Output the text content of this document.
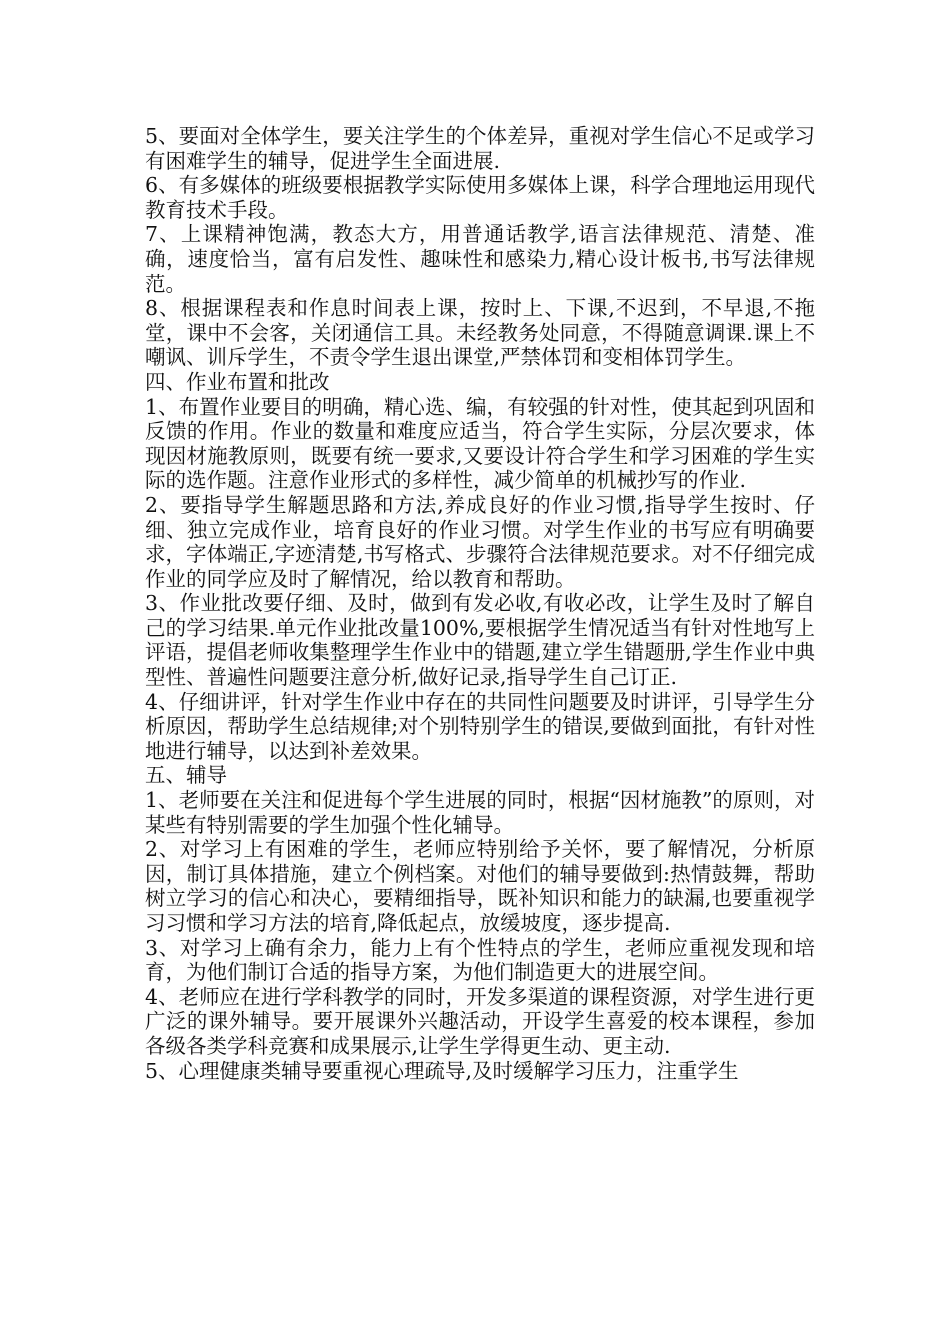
5、要面对全体学生，要关注学生的个体差异，重视对学生信心不足或学习有困难学生的辅导，促进学生全面进展.

6、有多媒体的班级要根据教学实际使用多媒体上课，科学合理地运用现代教育技术手段。

7、上课精神饱满，教态大方，用普通话教学,语言法律规范、清楚、准确，速度恰当，富有启发性、趣味性和感染力,精心设计板书,书写法律规范。

8、根据课程表和作息时间表上课，按时上、下课,不迟到，不早退,不拖堂，课中不会客，关闭通信工具。未经教务处同意，不得随意调课.课上不嘲讽、训斥学生，不责令学生退出课堂,严禁体罚和变相体罚学生。

四、作业布置和批改

1、布置作业要目的明确，精心选、编，有较强的针对性，使其起到巩固和反馈的作用。作业的数量和难度应适当，符合学生实际，分层次要求，体现因材施教原则，既要有统一要求,又要设计符合学生和学习困难的学生实际的选作题。注意作业形式的多样性，减少简单的机械抄写的作业.

2、要指导学生解题思路和方法,养成良好的作业习惯,指导学生按时、仔细、独立完成作业，培育良好的作业习惯。对学生作业的书写应有明确要求，字体端正,字迹清楚,书写格式、步骤符合法律规范要求。对不仔细完成作业的同学应及时了解情况，给以教育和帮助。

3、作业批改要仔细、及时，做到有发必收,有收必改，让学生及时了解自己的学习结果.单元作业批改量100%,要根据学生情况适当有针对性地写上评语，提倡老师收集整理学生作业中的错题,建立学生错题册,学生作业中典型性、普遍性问题要注意分析,做好记录,指导学生自己订正.

4、仔细讲评，针对学生作业中存在的共同性问题要及时讲评，引导学生分析原因，帮助学生总结规律;对个别特别学生的错误,要做到面批，有针对性地进行辅导，以达到补差效果。

五、辅导

1、老师要在关注和促进每个学生进展的同时，根据“因材施教”的原则，对某些有特别需要的学生加强个性化辅导。

2、对学习上有困难的学生，老师应特别给予关怀，要了解情况，分析原因，制订具体措施，建立个例档案。对他们的辅导要做到:热情鼓舞，帮助树立学习的信心和决心，要精细指导，既补知识和能力的缺漏,也要重视学习习惯和学习方法的培育,降低起点，放缓坡度，逐步提高.

3、对学习上确有余力，能力上有个性特点的学生，老师应重视发现和培育，为他们制订合适的指导方案，为他们制造更大的进展空间。

4、老师应在进行学科教学的同时，开发多渠道的课程资源，对学生进行更广泛的课外辅导。要开展课外兴趣活动，开设学生喜爱的校本课程，参加各级各类学科竞赛和成果展示,让学生学得更生动、更主动.

5、心理健康类辅导要重视心理疏导,及时缓解学习压力，注重学生
